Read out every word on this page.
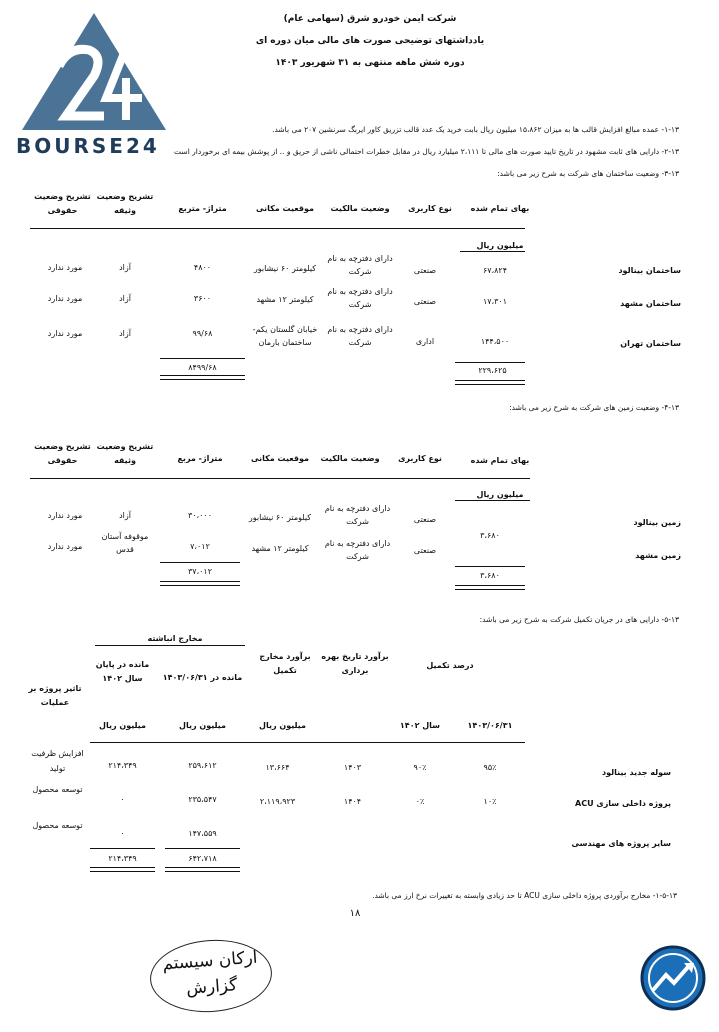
BOURSE24
شرکت ایمن خودرو شرق (سهامی عام)
یادداشتهای توضیحی صورت های مالی میان دوره ای
دوره شش ماهه منتهی به ۳۱ شهریور ۱۴۰۳
۱-۱۳- عمده مبالغ افزایش قالب ها به میزان ۱۵،۸۶۲ میلیون ریال بابت خرید یک عدد قالب تزریق کاور ایربگ سرنشین ۲۰۷ می باشد.
۲-۱۳- دارایی های ثابت مشهود در تاریخ تایید صورت های مالی تا ۲،۱۱۱ میلیارد ریال در مقابل خطرات احتمالی ناشی از حریق و .. از پوشش بیمه ای برخوردار است
۳-۱۳- وضعیت ساختمان های شرکت به شرح زیر می باشد:
بهای تمام شده
نوع کاربری
وضعیت مالکیت
موقعیت مکانی
متراژ- متربع
تشریح وضعیت وثیقه
تشریح وضعیت حقوقی
میلیون ریال
ساختمان بینالود
۶۷،۸۲۴
صنعتی
دارای دفترچه به نام شرکت
کیلومتر ۶۰ نیشابور
۴۸۰۰
آزاد
مورد ندارد
ساختمان مشهد
۱۷،۳۰۱
صنعتی
دارای دفترچه به نام شرکت
کیلومتر ۱۲ مشهد
۳۶۰۰
آزاد
مورد ندارد
ساختمان تهران
۱۴۴،۵۰۰
اداری
دارای دفترچه به نام شرکت
خیابان گلستان یکم- ساختمان بارمان
۹۹/۶۸
آزاد
مورد ندارد
۲۲۹،۶۲۵
۸۴۹۹/۶۸
۴-۱۳- وضعیت زمین های شرکت به شرح زیر می باشد:
بهای تمام شده
نوع کاربری
وضعیت مالکیت
موقعیت مکانی
متراژ- مربع
تشریح وضعیت وثیقه
تشریح وضعیت حقوقی
میلیون ریال
زمین بینالود
صنعتی
دارای دفترچه به نام شرکت
کیلومتر ۶۰ نیشابور
۳۰،۰۰۰
آزاد
مورد ندارد
۳،۶۸۰
زمین مشهد
صنعتی
دارای دفترچه به نام شرکت
کیلومتر ۱۲ مشهد
۷،۰۱۲
موقوفه آستان قدس
مورد ندارد
۳،۶۸۰
۳۷،۰۱۲
۵-۱۳- دارایی های در جریان تکمیل شرکت به شرح زیر می باشد:
مخارج انباشته
مانده در پایان سال ۱۴۰۲	مانده در ۱۴۰۳/۰۶/۳۱
برآورد مخارج تکمیل
برآورد تاریخ بهره برداری
درصد تکمیل
تاثیر پروژه بر عملیات
۱۴۰۳/۰۶/۳۱
سال ۱۴۰۲
میلیون ریال
میلیون ریال
میلیون ریال
سوله جدید بینالود
۹۵٪
۹۰٪
۱۴۰۳
۱۳،۶۶۴
۲۵۹،۶۱۲
۲۱۴،۳۴۹
افزایش ظرفیت تولید
ACU پروژه داخلی سازی
۱۰٪
۰٪
۱۴۰۴
۲،۱۱۹،۹۲۳
۲۳۵،۵۴۷
۰
توسعه محصول
سایر پروژه های مهندسی
۱۴۷،۵۵۹
۰
توسعه محصول
۶۴۲،۷۱۸
۲۱۴،۳۴۹
۱-۵-۱۳- مخارج برآوردی پروژه داخلی سازی ACU تا حد زیادی وابسته به تغییرات نرخ ارز می باشد.
۱۸
ارکان سیستم
گزارش
